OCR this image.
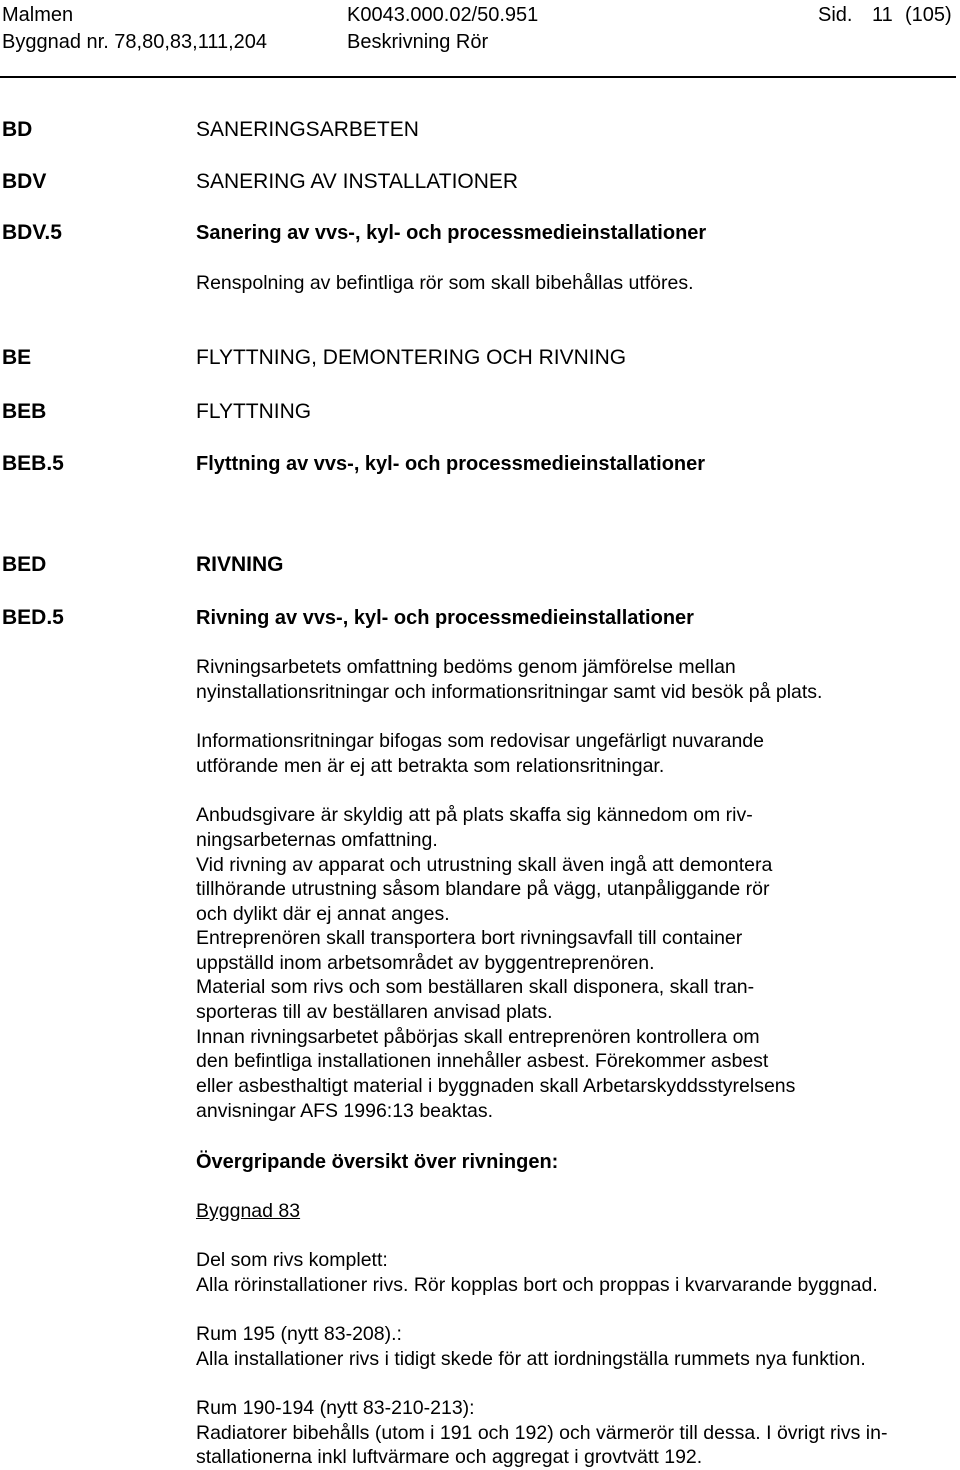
Malmen	K0043.000.02/50.951	Sid. 11 (105)
Byggnad nr. 78,80,83,111,204	Beskrivning Rör
BD	SANERINGSARBETEN
BDV	SANERING AV INSTALLATIONER
BDV.5	Sanering av vvs-, kyl- och processmedieinstallationer
Renspolning av befintliga rör som skall bibehållas utföres.
BE	FLYTTNING, DEMONTERING OCH RIVNING
BEB	FLYTTNING
BEB.5	Flyttning av vvs-, kyl- och processmedieinstallationer
BED	RIVNING
BED.5	Rivning av vvs-, kyl- och processmedieinstallationer
Rivningsarbetets omfattning bedöms genom jämförelse mellan
nyinstallationsritningar och informationsritningar samt vid besök på plats.
Informationsritningar bifogas som redovisar ungefärligt nuvarande
utförande men är ej att betrakta som relationsritningar.
Anbudsgivare är skyldig att på plats skaffa sig kännedom om riv-
ningsarbeternas omfattning.
Vid rivning av apparat och utrustning skall även ingå att demontera
tillhörande utrustning såsom blandare på vägg, utanpåliggande rör
och dylikt där ej annat anges.
Entreprenören skall transportera bort rivningsavfall till container
uppställd inom arbetsområdet av byggentreprenören.
Material som rivs och som beställaren skall disponera, skall tran-
sporteras till av beställaren anvisad plats.
Innan rivningsarbetet påbörjas skall entreprenören kontrollera om
den befintliga installationen innehåller asbest. Förekommer asbest
eller asbesthaltigt material i byggnaden skall Arbetarskyddsstyrelsens
anvisningar AFS 1996:13 beaktas.
Övergripande översikt över rivningen:
Byggnad 83
Del som rivs komplett:
Alla rörinstallationer rivs. Rör kopplas bort och proppas i kvarvarande byggnad.
Rum 195 (nytt 83-208).:
Alla installationer rivs i tidigt skede för att iordningställa rummets nya funktion.
Rum 190-194 (nytt 83-210-213):
Radiatorer bibehålls (utom i 191 och 192) och värmerör till dessa. I övrigt rivs in-
stallationerna inkl luftvärmare och aggregat i grovtvätt 192.
